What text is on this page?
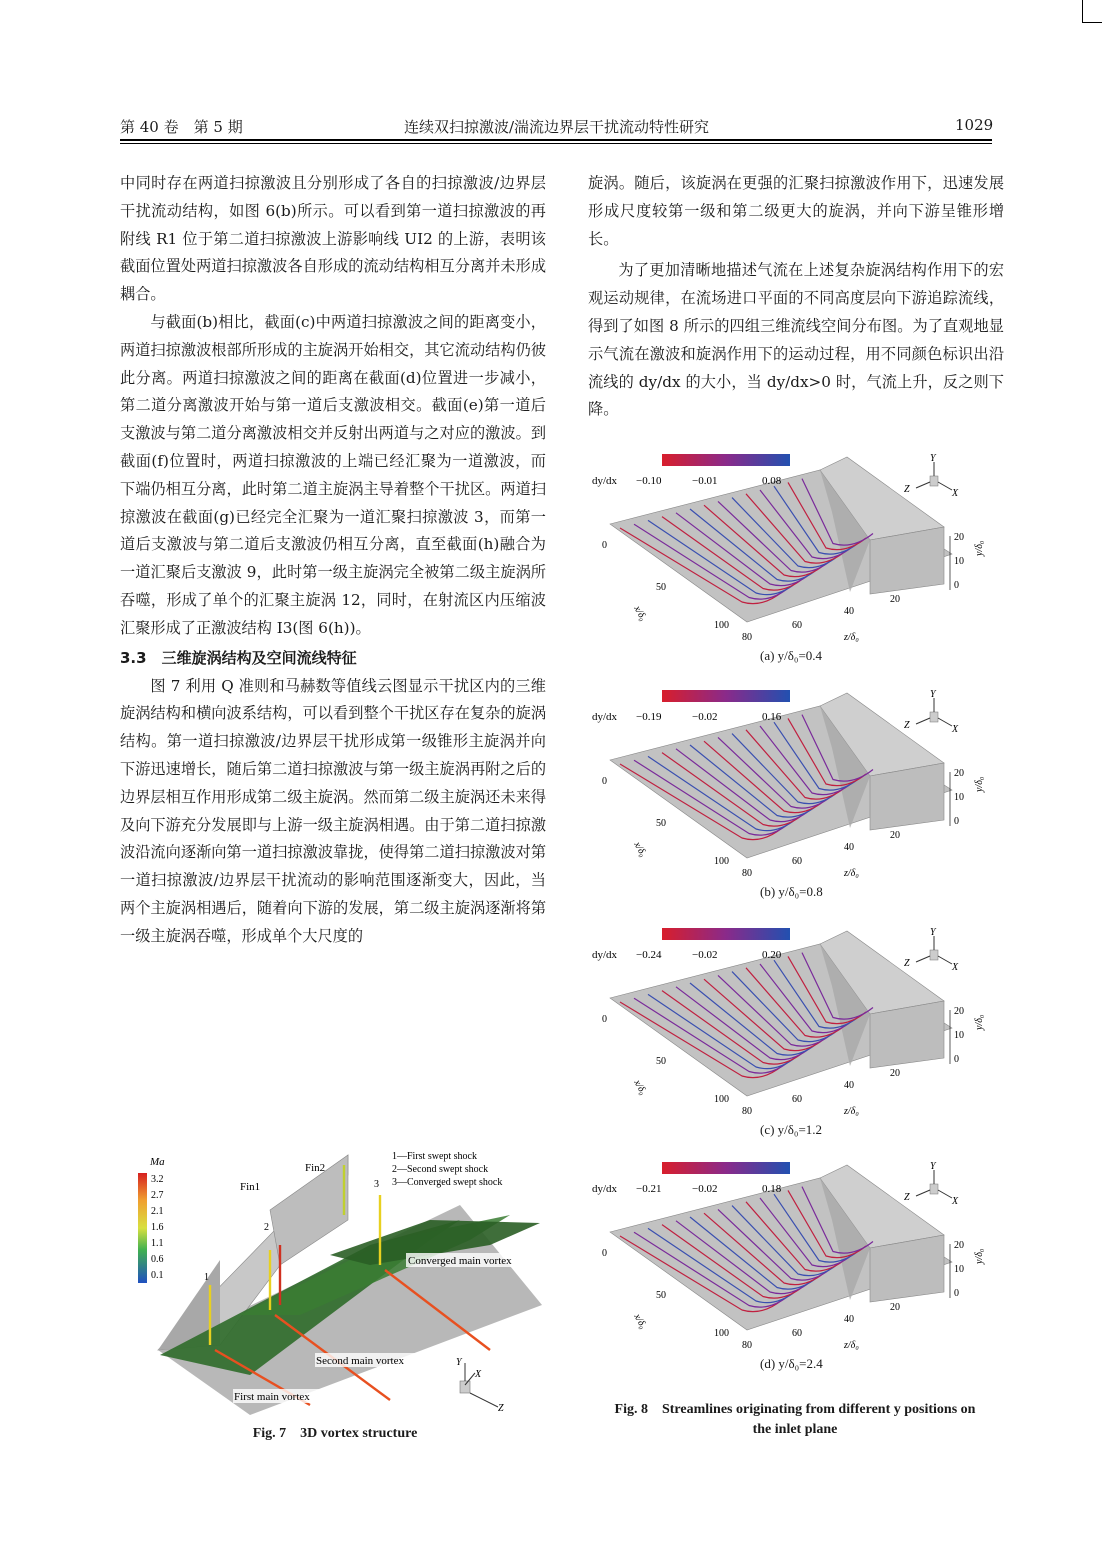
第 40 卷　第 5 期	连续双扫掠激波/湍流边界层干扰流动特性研究	1029

中同时存在两道扫掠激波且分别形成了各自的扫掠激波/边界层干扰流动结构，如图 6(b)所示。可以看到第一道扫掠激波的再附线 R1 位于第二道扫掠激波上游影响线 UI2 的上游，表明该截面位置处两道扫掠激波各自形成的流动结构相互分离并未形成耦合。

与截面(b)相比，截面(c)中两道扫掠激波之间的距离变小，两道扫掠激波根部所形成的主旋涡开始相交，其它流动结构仍彼此分离。两道扫掠激波之间的距离在截面(d)位置进一步减小，第二道分离激波开始与第一道后支激波相交。截面(e)第一道后支激波与第二道分离激波相交并反射出两道与之对应的激波。到截面(f)位置时，两道扫掠激波的上端已经汇聚为一道激波，而下端仍相互分离，此时第二道主旋涡主导着整个干扰区。两道扫掠激波在截面(g)已经完全汇聚为一道汇聚扫掠激波 3，而第一道后支激波与第二道后支激波仍相互分离，直至截面(h)融合为一道汇聚后支激波 9，此时第一级主旋涡完全被第二级主旋涡所吞噬，形成了单个的汇聚主旋涡 12，同时，在射流区内压缩波汇聚形成了正激波结构 I3(图 6(h))。

3.3　三维旋涡结构及空间流线特征

图 7 利用 Q 准则和马赫数等值线云图显示干扰区内的三维旋涡结构和横向波系结构，可以看到整个干扰区存在复杂的旋涡结构。第一道扫掠激波/边界层干扰形成第一级锥形主旋涡并向下游迅速增长，随后第二道扫掠激波与第一级主旋涡再附之后的边界层相互作用形成第二级主旋涡。然而第二级主旋涡还未来得及向下游充分发展即与上游一级主旋涡相遇。由于第二道扫掠激波沿流向逐渐向第一道扫掠激波靠拢，使得第二道扫掠激波对第一道扫掠激波/边界层干扰流动的影响范围逐渐变大，因此，当两个主旋涡相遇后，随着向下游的发展，第二级主旋涡逐渐将第一级主旋涡吞噬，形成单个大尺度的

旋涡。随后，该旋涡在更强的汇聚扫掠激波作用下，迅速发展形成尺度较第一级和第二级更大的旋涡，并向下游呈锥形增长。

为了更加清晰地描述气流在上述复杂旋涡结构作用下的宏观运动规律，在流场进口平面的不同高度层向下游追踪流线，得到了如图 8 所示的四组三维流线空间分布图。为了直观地显示气流在激波和旋涡作用下的运动过程，用不同颜色标识出沿流线的 dy/dx 的大小，当 dy/dx>0 时，气流上升，反之则下降。

Ma
3.2
2.7
2.1
1.6
1.1
0.6
0.1
Fin1
Fin2
1—First swept shock
2—Second swept shock
3—Converged swept shock
1
2
3
Converged main vortex
Second main vortex
First main vortex
Y
X
Z
Fig. 7　3D vortex structure
dy/dx −0.10	−0.01	0.08
Y
Z	X
0
50
100
x/δ₀
80
60
40
20
z/δ₀
20
10
0
y/δ₀
(a) y/δ₀=0.4
dy/dx −0.19	−0.02	0.16
Y
Z	X
0
50
100
x/δ₀
80
60
40
20
z/δ₀
20
10
0
y/δ₀
(b) y/δ₀=0.8
dy/dx −0.24	−0.02	0.20
Y
Z	X
0
50
100
x/δ₀
80
60
40
20
z/δ₀
20
10
0
y/δ₀
(c) y/δ₀=1.2
dy/dx −0.21	−0.02	0.18
Y
Z	X
0
50
100
x/δ₀
80
60
40
20
z/δ₀
20
10
0
y/δ₀
(d) y/δ₀=2.4
Fig. 8　Streamlines originating from different y positions on
the inlet plane
